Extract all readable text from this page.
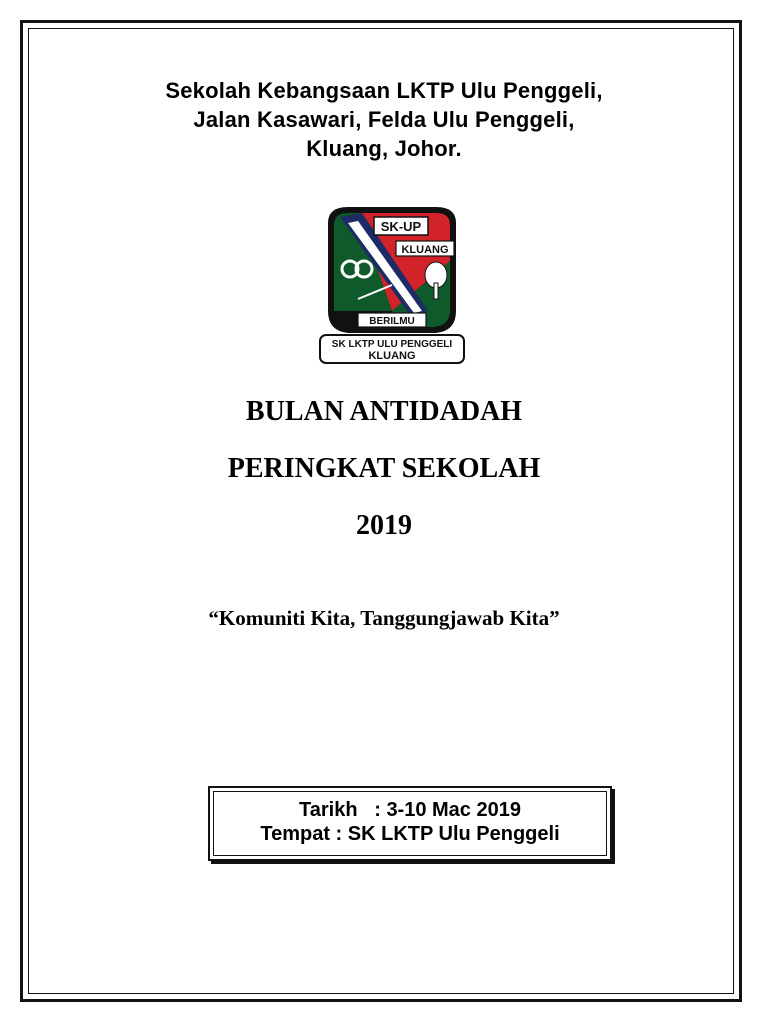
Sekolah Kebangsaan LKTP Ulu Penggeli,
Jalan Kasawari, Felda Ulu Penggeli,
Kluang, Johor.
SK-UP
KLUANG
BERILMU
SK LKTP ULU PENGGELI
KLUANG
BULAN ANTIDADAH
PERINGKAT SEKOLAH
2019
“Komuniti Kita, Tanggungjawab Kita”
Tarikh   : 3-10 Mac 2019
Tempat : SK LKTP Ulu Penggeli
